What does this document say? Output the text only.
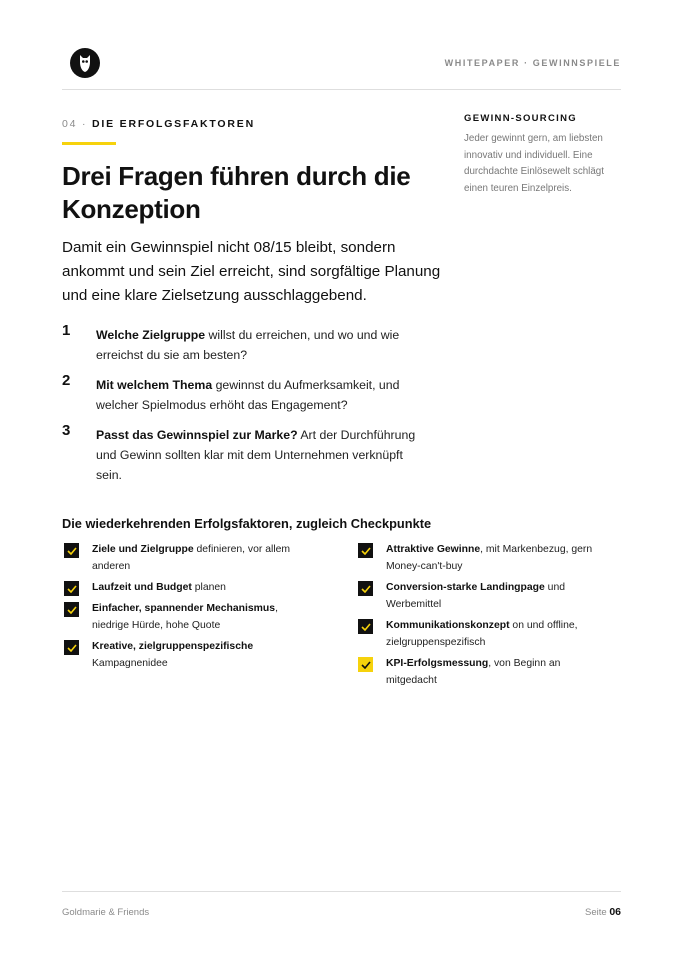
WHITEPAPER · GEWINNSPIELE
04 · DIE ERFOLGSFAKTOREN
Drei Fragen führen durch die Konzeption

Damit ein Gewinnspiel nicht 08/15 bleibt, sondern ankommt und sein Ziel erreicht, sind sorgfältige Planung und eine klare Zielsetzung ausschlaggebend.

GEWINN-SOURCING
Jeder gewinnt gern, am liebsten innovativ und individuell. Eine durchdachte Einlösewelt schlägt einen teuren Einzelpreis.
1 Welche Zielgruppe willst du erreichen, und wo und wie erreichst du sie am besten?
2 Mit welchem Thema gewinnst du Aufmerksamkeit, und welcher Spielmodus erhöht das Engagement?
3 Passt das Gewinnspiel zur Marke? Art der Durchführung und Gewinn sollten klar mit dem Unternehmen verknüpft sein.
Die wiederkehrenden Erfolgsfaktoren, zugleich Checkpunkte
Ziele und Zielgruppe definieren, vor allem anderen
Laufzeit und Budget planen
Einfacher, spannender Mechanismus, niedrige Hürde, hohe Quote
Kreative, zielgruppenspezifische Kampagnenidee
Attraktive Gewinne, mit Markenbezug, gern Money-can't-buy
Conversion-starke Landingpage und Werbemittel
Kommunikationskonzept on und offline, zielgruppenspezifisch
KPI-Erfolgsmessung, von Beginn an mitgedacht
Goldmarie & Friends	Seite 06
